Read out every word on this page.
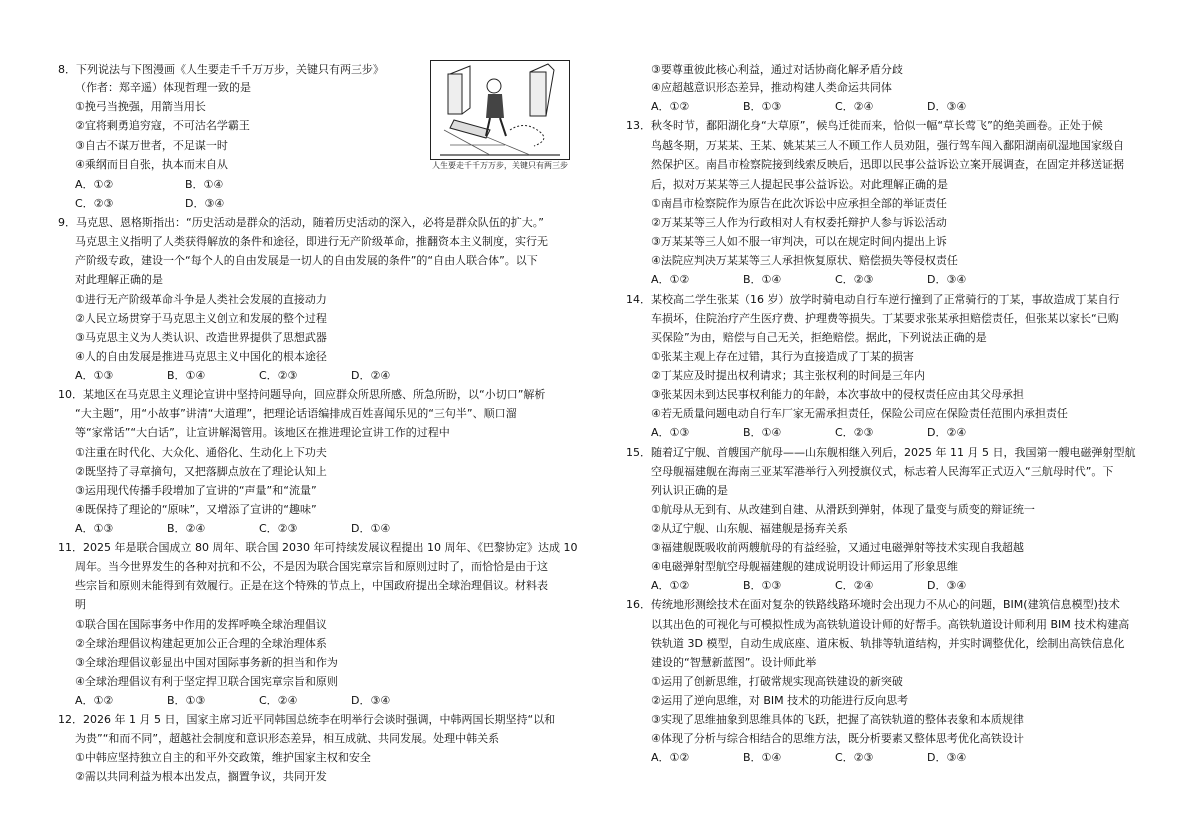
8．下列说法与下图漫画《人生要走千千万万步，关键只有两三步》
（作者：郑辛遥）体现哲理一致的是
①挽弓当挽强，用箭当用长
②宜将剩勇追穷寇，不可沽名学霸王
③自古不谋万世者，不足谋一时
④乘纲而目自张，执本而末自从
A．①②	B．①④
C．②③	D．③④
9．马克思、恩格斯指出：“历史活动是群众的活动，随着历史活动的深入，必将是群众队伍的扩大。”
马克思主义指明了人类获得解放的条件和途径，即进行无产阶级革命，推翻资本主义制度，实行无
产阶级专政，建设一个“每个人的自由发展是一切人的自由发展的条件”的“自由人联合体”。以下
对此理解正确的是
①进行无产阶级革命斗争是人类社会发展的直接动力
②人民立场贯穿于马克思主义创立和发展的整个过程
③马克思主义为人类认识、改造世界提供了思想武器
④人的自由发展是推进马克思主义中国化的根本途径
A．①③	B．①④	C．②③	D．②④
10．某地区在马克思主义理论宣讲中坚持问题导向，回应群众所思所感、所急所盼，以“小切口”解析
“大主题”，用“小故事”讲清“大道理”，把理论话语编排成百姓喜闻乐见的“三句半”、顺口溜
等“家常话”“大白话”，让宣讲解渴管用。该地区在推进理论宣讲工作的过程中
①注重在时代化、大众化、通俗化、生动化上下功夫
②既坚持了寻章摘句，又把落脚点放在了理论认知上
③运用现代传播手段增加了宣讲的“声量”和“流量”
④既保持了理论的“原味”，又增添了宣讲的“趣味”
A．①③	B．②④	C．②③	D．①④
11．2025 年是联合国成立 80 周年、联合国 2030 年可持续发展议程提出 10 周年、《巴黎协定》达成 10
周年。当今世界发生的各种对抗和不公，不是因为联合国宪章宗旨和原则过时了，而恰恰是由于这
些宗旨和原则未能得到有效履行。正是在这个特殊的节点上，中国政府提出全球治理倡议。材料表
明
①联合国在国际事务中作用的发挥呼唤全球治理倡议
②全球治理倡议构建起更加公正合理的全球治理体系
③全球治理倡议彰显出中国对国际事务新的担当和作为
④全球治理倡议有利于坚定捍卫联合国宪章宗旨和原则
A．①②	B．①③	C．②④	D．③④
12．2026 年 1 月 5 日，国家主席习近平同韩国总统李在明举行会谈时强调，中韩两国长期坚持“以和
为贵”“和而不同”，超越社会制度和意识形态差异，相互成就、共同发展。处理中韩关系
①中韩应坚持独立自主的和平外交政策，维护国家主权和安全
②需以共同利益为根本出发点，搁置争议，共同开发
③要尊重彼此核心利益，通过对话协商化解矛盾分歧
④应超越意识形态差异，推动构建人类命运共同体
A．①②	B．①③	C．②④	D．③④
13．秋冬时节，鄱阳湖化身“大草原”，候鸟迁徙而来，恰似一幅“草长莺飞”的绝美画卷。正处于候
鸟越冬期，万某某、王某、姚某某三人不顾工作人员劝阻，强行驾车闯入鄱阳湖南矶湿地国家级自
然保护区。南昌市检察院接到线索反映后，迅即以民事公益诉讼立案开展调查，在固定并移送证据
后，拟对万某某等三人提起民事公益诉讼。对此理解正确的是
①南昌市检察院作为原告在此次诉讼中应承担全部的举证责任
②万某某等三人作为行政相对人有权委托辩护人参与诉讼活动
③万某某等三人如不服一审判决，可以在规定时间内提出上诉
④法院应判决万某某等三人承担恢复原状、赔偿损失等侵权责任
A．①②	B．①④	C．②③	D．③④
14．某校高二学生张某（16 岁）放学时骑电动自行车逆行撞到了正常骑行的丁某，事故造成丁某自行
车损坏，住院治疗产生医疗费、护理费等损失。丁某要求张某承担赔偿责任，但张某以家长“已购
买保险”为由，赔偿与自己无关，拒绝赔偿。据此，下列说法正确的是
①张某主观上存在过错，其行为直接造成了丁某的损害
②丁某应及时提出权利请求；其主张权利的时间是三年内
③张某因未到达民事权利能力的年龄，本次事故中的侵权责任应由其父母承担
④若无质量问题电动自行车厂家无需承担责任，保险公司应在保险责任范围内承担责任
A．①③	B．①④	C．②③	D．②④
15．随着辽宁舰、首艘国产航母——山东舰相继入列后，2025 年 11 月 5 日，我国第一艘电磁弹射型航
空母舰福建舰在海南三亚某军港举行入列授旗仪式，标志着人民海军正式迈入“三航母时代”。下
列认识正确的是
①航母从无到有、从改建到自建、从滑跃到弹射，体现了量变与质变的辩证统一
②从辽宁舰、山东舰、福建舰是扬弃关系
③福建舰既吸收前两艘航母的有益经验，又通过电磁弹射等技术实现自我超越
④电磁弹射型航空母舰福建舰的建成说明设计师运用了形象思维
A．①②	B．①③	C．②④	D．③④
16．传统地形测绘技术在面对复杂的铁路线路环境时会出现力不从心的问题，BIM(建筑信息模型)技术
以其出色的可视化与可模拟性成为高铁轨道设计师的好帮手。高铁轨道设计师利用 BIM 技术构建高
铁轨道 3D 模型，自动生成底座、道床板、轨排等轨道结构，并实时调整优化，绘制出高铁信息化
建设的“智慧新蓝图”。设计师此举
①运用了创新思维，打破常规实现高铁建设的新突破
②运用了逆向思维，对 BIM 技术的功能进行反向思考
③实现了思维抽象到思维具体的飞跃，把握了高铁轨道的整体表象和本质规律
④体现了分析与综合相结合的思维方法，既分析要素又整体思考优化高铁设计
A．①②	B．①④	C．②③	D．③④
人生要走千千万万步，关键只有两三步
